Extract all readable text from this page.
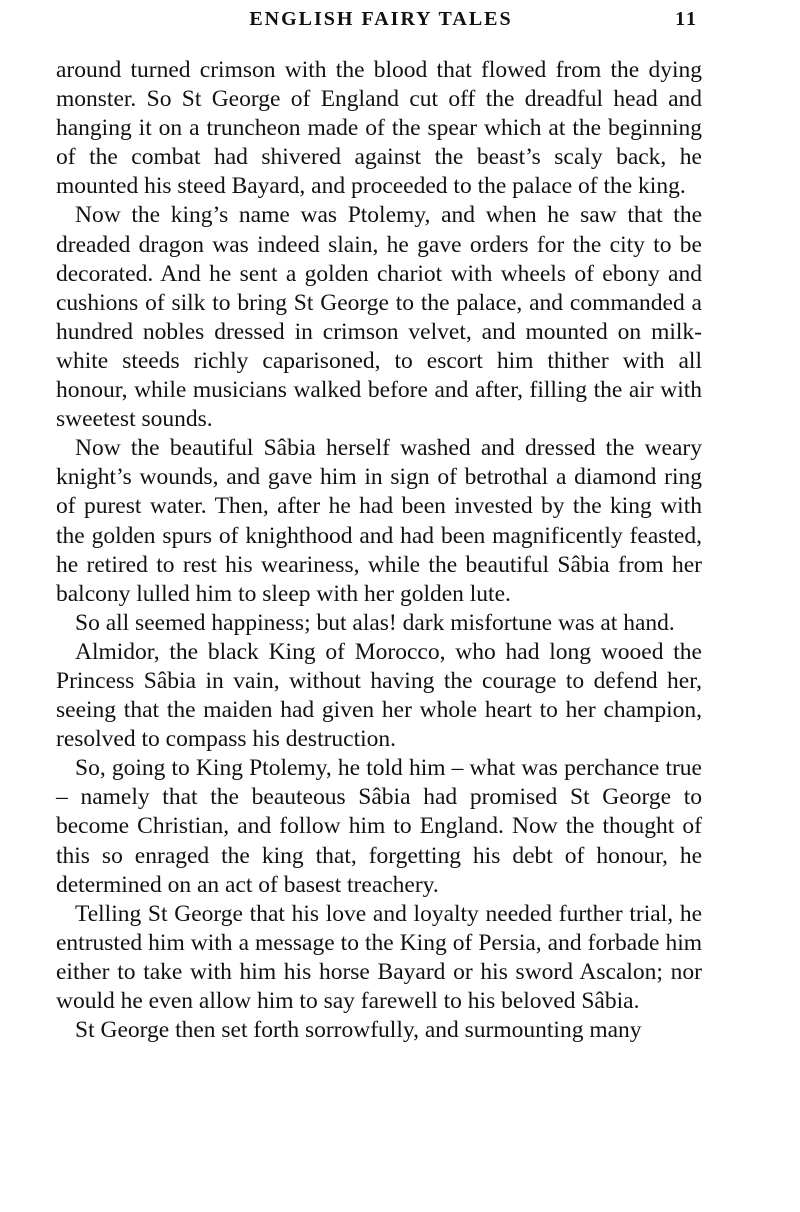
ENGLISH FAIRY TALES	11

around turned crimson with the blood that flowed from the dying monster. So St George of England cut off the dreadful head and hanging it on a truncheon made of the spear which at the beginning of the combat had shivered against the beast’s scaly back, he mounted his steed Bayard, and proceeded to the palace of the king.

Now the king’s name was Ptolemy, and when he saw that the dreaded dragon was indeed slain, he gave orders for the city to be decorated. And he sent a golden chariot with wheels of ebony and cushions of silk to bring St George to the palace, and commanded a hundred nobles dressed in crimson velvet, and mounted on milk-white steeds richly caparisoned, to escort him thither with all honour, while musicians walked before and after, filling the air with sweetest sounds.

Now the beautiful Sâbia herself washed and dressed the weary knight’s wounds, and gave him in sign of betrothal a diamond ring of purest water. Then, after he had been invested by the king with the golden spurs of knighthood and had been magnificently feasted, he retired to rest his weariness, while the beautiful Sâbia from her balcony lulled him to sleep with her golden lute.

So all seemed happiness; but alas! dark misfortune was at hand.

Almidor, the black King of Morocco, who had long wooed the Princess Sâbia in vain, without having the courage to defend her, seeing that the maiden had given her whole heart to her champion, resolved to compass his destruction.

So, going to King Ptolemy, he told him – what was perchance true – namely that the beauteous Sâbia had promised St George to become Christian, and follow him to England. Now the thought of this so enraged the king that, forgetting his debt of honour, he determined on an act of basest treachery.

Telling St George that his love and loyalty needed further trial, he entrusted him with a message to the King of Persia, and forbade him either to take with him his horse Bayard or his sword Ascalon; nor would he even allow him to say farewell to his beloved Sâbia.

St George then set forth sorrowfully, and surmounting many
